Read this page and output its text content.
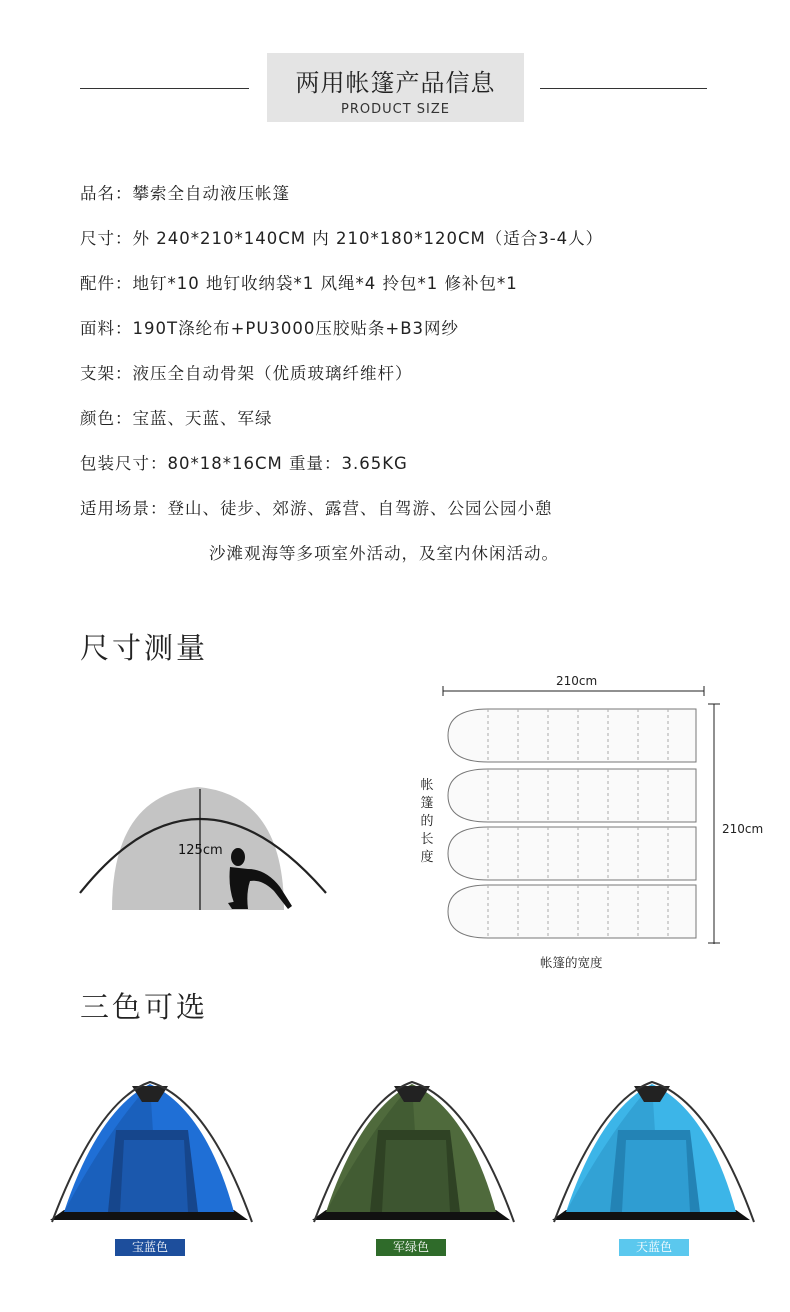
两用帐篷产品信息
PRODUCT SIZE
品名：攀索全自动液压帐篷
尺寸：外 240*210*140CM 内 210*180*120CM（适合3-4人）
配件：地钉*10 地钉收纳袋*1 风绳*4 拎包*1 修补包*1
面料：190T涤纶布+PU3000压胶贴条+B3网纱
支架：液压全自动骨架（优质玻璃纤维杆）
颜色：宝蓝、天蓝、军绿
包装尺寸：80*18*16CM 重量：3.65KG
适用场景：登山、徒步、郊游、露营、自驾游、公园公园小憩
沙滩观海等多项室外活动，及室内休闲活动。
尺寸测量
125cm
210cm
210cm
帐
篷
的
长
度
帐篷的宽度
三色可选
宝蓝色	军绿色	天蓝色
